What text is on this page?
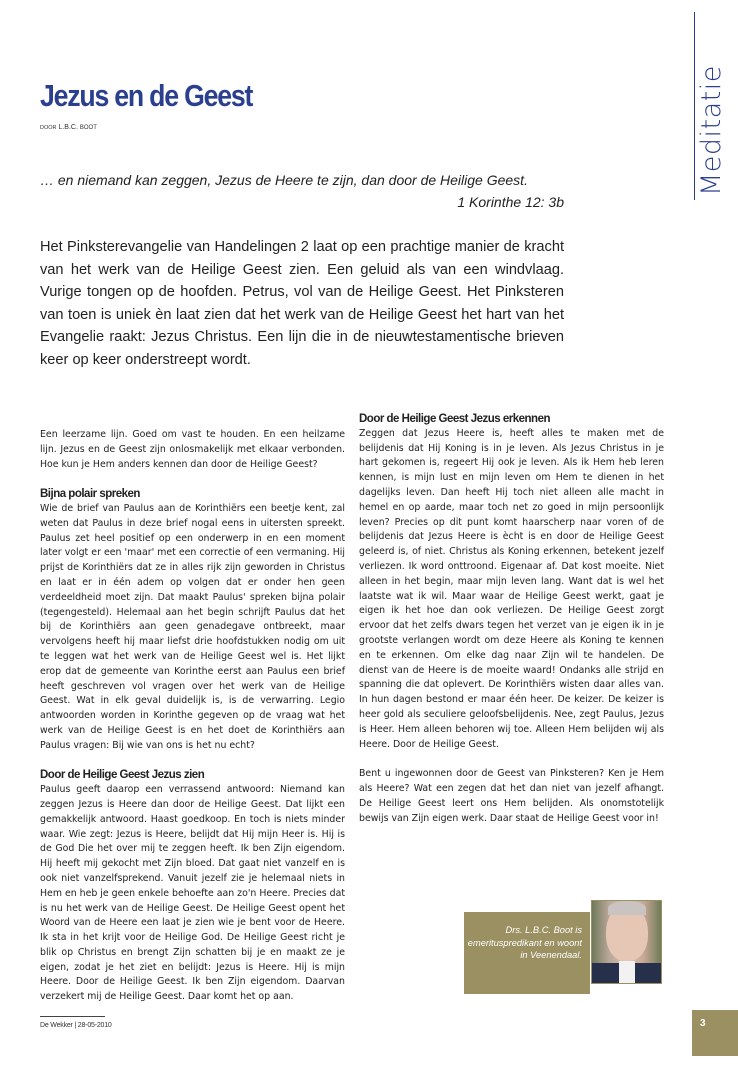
Jezus en de Geest
DOOR L.B.C. BOOT
… en niemand kan zeggen, Jezus de Heere te zijn, dan door de Heilige Geest.
1 Korinthe 12: 3b

Het Pinksterevangelie van Handelingen 2 laat op een prachtige manier de kracht van het werk van de Heilige Geest zien. Een geluid als van een windvlaag. Vurige tongen op de hoofden. Petrus, vol van de Heilige Geest. Het Pinksteren van toen is uniek èn laat zien dat het werk van de Heilige Geest het hart van het Evangelie raakt: Jezus Christus. Een lijn die in de nieuwtestamentische brieven keer op keer onderstreept wordt.

Een leerzame lijn. Goed om vast te houden. En een heilzame lijn. Jezus en de Geest zijn onlosmakelijk met elkaar verbonden. Hoe kun je Hem anders kennen dan door de Heilige Geest?

Bijna polair spreken

Wie de brief van Paulus aan de Korinthiërs een beetje kent, zal weten dat Paulus in deze brief nogal eens in uitersten spreekt. Paulus zet heel positief op een onderwerp in en een moment later volgt er een 'maar' met een correctie of een vermaning. Hij prijst de Korinthiërs dat ze in alles rijk zijn geworden in Christus en laat er in één adem op volgen dat er onder hen geen verdeeldheid moet zijn. Dat maakt Paulus' spreken bijna polair (tegengesteld). Helemaal aan het begin schrijft Paulus dat het bij de Korinthiërs aan geen genadegave ontbreekt, maar vervolgens heeft hij maar liefst drie hoofdstukken nodig om uit te leggen wat het werk van de Heilige Geest wel is. Het lijkt erop dat de gemeente van Korinthe eerst aan Paulus een brief heeft geschreven vol vragen over het werk van de Heilige Geest. Wat in elk geval duidelijk is, is de verwarring. Legio antwoorden worden in Korinthe gegeven op de vraag wat het werk van de Heilige Geest is en het doet de Korinthiërs aan Paulus vragen: Bij wie van ons is het nu echt?

Door de Heilige Geest Jezus zien

Paulus geeft daarop een verrassend antwoord: Niemand kan zeggen Jezus is Heere dan door de Heilige Geest. Dat lijkt een gemakkelijk antwoord. Haast goedkoop. En toch is niets minder waar. Wie zegt: Jezus is Heere, belijdt dat Hij mijn Heer is. Hij is de God Die het over mij te zeggen heeft. Ik ben Zijn eigendom. Hij heeft mij gekocht met Zijn bloed. Dat gaat niet vanzelf en is ook niet vanzelfsprekend. Vanuit jezelf zie je helemaal niets in Hem en heb je geen enkele behoefte aan zo'n Heere. Precies dat is nu het werk van de Heilige Geest. De Heilige Geest opent het Woord van de Heere een laat je zien wie je bent voor de Heere. Ik sta in het krijt voor de Heilige God. De Heilige Geest richt je blik op Christus en brengt Zijn schatten bij je en maakt ze je eigen, zodat je het ziet en belijdt: Jezus is Heere. Hij is mijn Heere. Door de Heilige Geest. Ik ben Zijn eigendom. Daarvan verzekert mij de Heilige Geest. Daar komt het op aan.

Door de Heilige Geest Jezus erkennen

Zeggen dat Jezus Heere is, heeft alles te maken met de belijdenis dat Hij Koning is in je leven. Als Jezus Christus in je hart gekomen is, regeert Hij ook je leven. Als ik Hem heb leren kennen, is mijn lust en mijn leven om Hem te dienen in het dagelijks leven. Dan heeft Hij toch niet alleen alle macht in hemel en op aarde, maar toch net zo goed in mijn persoonlijk leven? Precies op dit punt komt haarscherp naar voren of de belijdenis dat Jezus Heere is ècht is en door de Heilige Geest geleerd is, of niet. Christus als Koning erkennen, betekent jezelf verliezen. Ik word onttroond. Eigenaar af. Dat kost moeite. Niet alleen in het begin, maar mijn leven lang. Want dat is wel het laatste wat ik wil. Maar waar de Heilige Geest werkt, gaat je eigen ik het hoe dan ook verliezen. De Heilige Geest zorgt ervoor dat het zelfs dwars tegen het verzet van je eigen ik in je grootste verlangen wordt om deze Heere als Koning te kennen en te erkennen. Om elke dag naar Zijn wil te handelen. De dienst van de Heere is de moeite waard! Ondanks alle strijd en spanning die dat oplevert. De Korinthiërs wisten daar alles van. In hun dagen bestond er maar één heer. De keizer. De keizer is heer gold als seculiere geloofsbelijdenis. Nee, zegt Paulus, Jezus is Heer. Hem alleen behoren wij toe. Alleen Hem belijden wij als Heere. Door de Heilige Geest.

Bent u ingewonnen door de Geest van Pinksteren? Ken je Hem als Heere? Wat een zegen dat het dan niet van jezelf afhangt. De Heilige Geest leert ons Hem belijden. Als onomstotelijk bewijs van Zijn eigen werk. Daar staat de Heilige Geest voor in!

Meditatie
Drs. L.B.C. Boot is
emerituspredikant en woont
in Veenendaal.
De Wekker | 28-05-2010	3
